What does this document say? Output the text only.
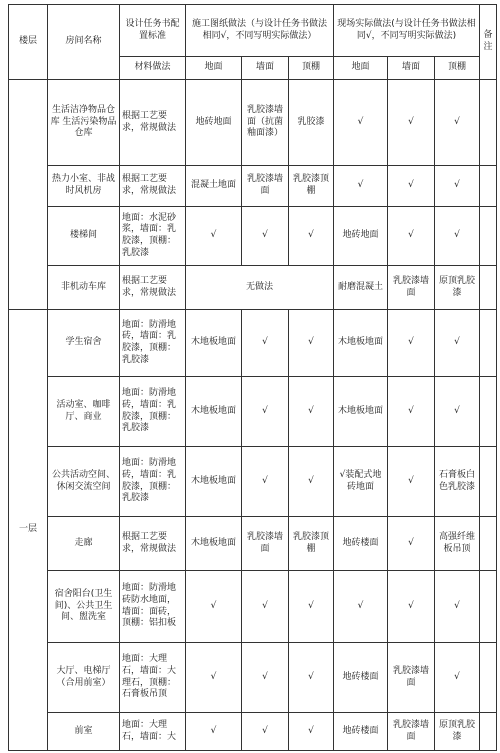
楼层	房间名称	设计任务书配置标准	施工图纸做法（与设计任务书做法相同√，不同写明实际做法）			现场实际做法(与设计任务书做法相同√，不同写明实际做法)			备注
		材料做法	地面	墙面	顶棚	地面	墙面	顶棚	
	生活洁净物品仓库 生活污染物品仓库	根据工艺要求，常规做法	地砖地面	乳胶漆墙面（抗菌釉面漆）	乳胶漆	√	√	√	
	热力小室、非战时风机房	根据工艺要求，常规做法	混凝土地面	乳胶漆墙面	乳胶漆顶棚	√	√	√	
	楼梯间	地面：水泥砂浆，墙面：乳胶漆，顶棚：乳胶漆	√	√	√	地砖地面	√	√	
	非机动车库	根据工艺要求，常规做法	无做法			耐磨混凝土	乳胶漆墙面	原顶乳胶漆	
一层	学生宿舍	地面：防滑地砖，墙面：乳胶漆，顶棚：乳胶漆	木地板地面	√	√	木地板地面	√	√	
	活动室、咖啡厅、商业	地面：防滑地砖，墙面：乳胶漆，顶棚：乳胶漆	木地板地面	√	√	木地板地面	√	√	
	公共活动空间、休闲交流空间	地面：防滑地砖，墙面：乳胶漆，顶棚：乳胶漆	木地板地面	√	√	√装配式地砖地面	√	石膏板白色乳胶漆	
	走廊	根据工艺要求，常规做法	木地板地面	乳胶漆墙面	乳胶漆顶棚	地砖楼面	√	高强纤维板吊顶	
	宿舍阳台(卫生间)、公共卫生间、盥洗室	地面：防滑地砖防水地面，墙面：面砖，顶棚：铝扣板	√	√	√	√	√	√	
	大厅、电梯厅（合用前室）	地面：大理石，墙面：大理石，顶棚：石膏板吊顶	√	√	√	地砖楼面	乳胶漆墙面	√	
	前室	地面：大理石，墙面：大	√	√	√	地砖楼面	乳胶漆墙面	原顶乳胶漆	
